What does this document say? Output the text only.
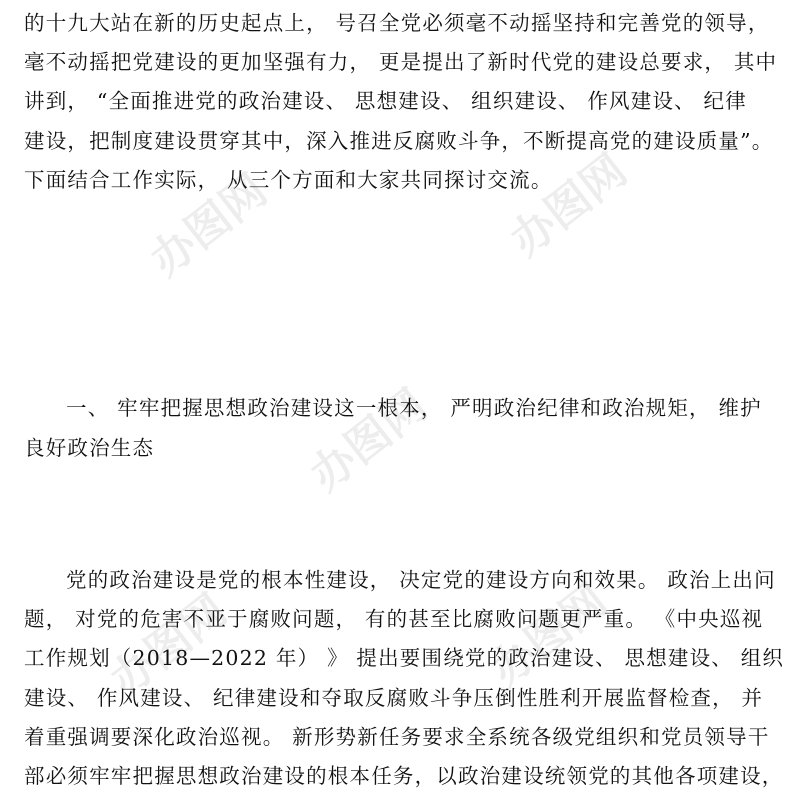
办图网	办图网
办图网
办图网	办图网
的十九大站在新的历史起点上， 号召全党必须毫不动摇坚持和完善党的领导，
毫不动摇把党建设的更加坚强有力， 更是提出了新时代党的建设总要求， 其中
讲到， “全面推进党的政治建设、 思想建设、 组织建设、 作风建设、 纪律
建设，把制度建设贯穿其中，深入推进反腐败斗争，不断提高党的建设质量”。
下面结合工作实际， 从三个方面和大家共同探讨交流。
一、 牢牢把握思想政治建设这一根本， 严明政治纪律和政治规矩， 维护
良好政治生态
党的政治建设是党的根本性建设， 决定党的建设方向和效果。 政治上出问
题， 对党的危害不亚于腐败问题， 有的甚至比腐败问题更严重。 《中央巡视
工作规划（2018—2022 年） 》 提出要围绕党的政治建设、 思想建设、 组织
建设、 作风建设、 纪律建设和夺取反腐败斗争压倒性胜利开展监督检查， 并
着重强调要深化政治巡视。 新形势新任务要求全系统各级党组织和党员领导干
部必须牢牢把握思想政治建设的根本任务，以政治建设统领党的其他各项建设，
